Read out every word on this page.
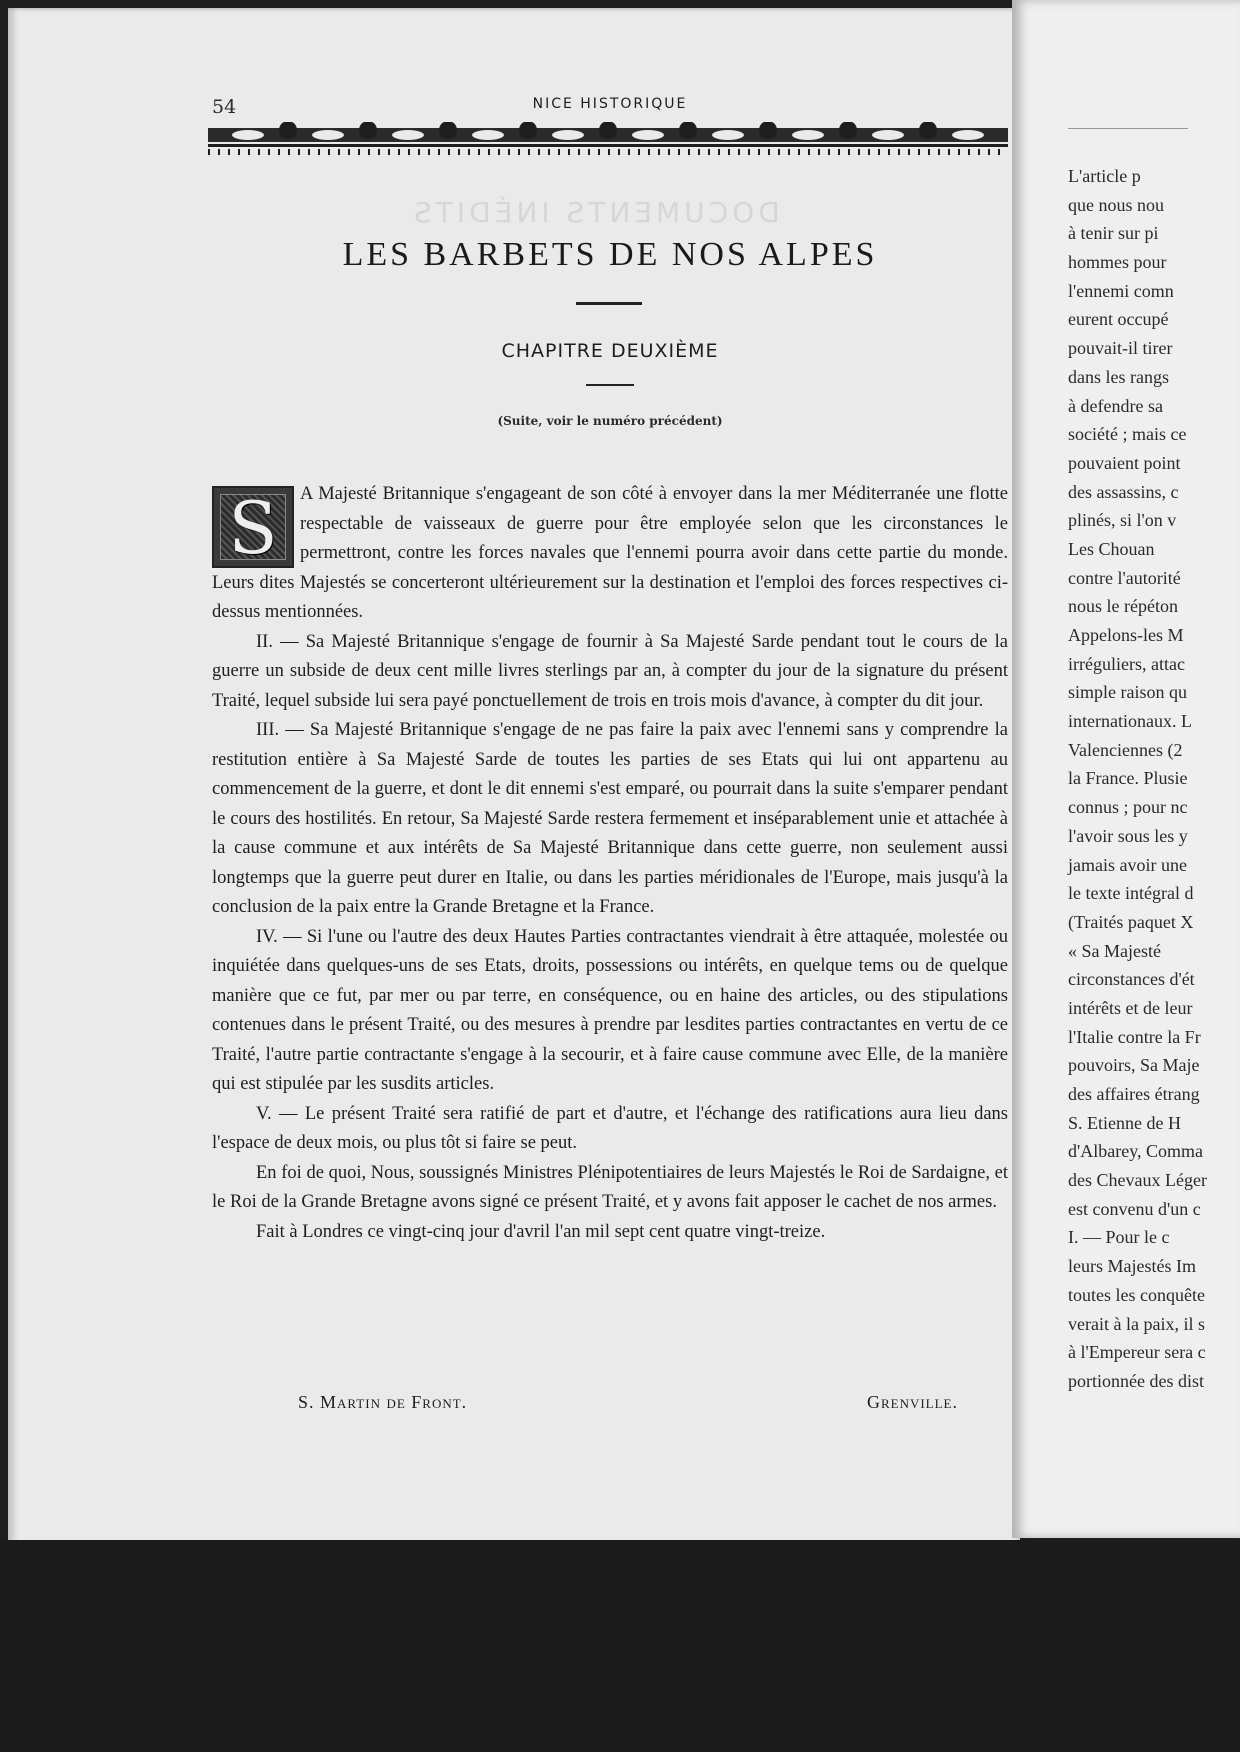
L'article p
que nous nou
à tenir sur pi
hommes pour
l'ennemi comn
eurent occupé
pouvait-il tirer
dans les rangs
à defendre sa
société ; mais ce
pouvaient point
des assassins, c
plinés, si l'on v
Les Chouan
contre l'autorité
nous le répéton
Appelons-les M
irréguliers, attac
simple raison qu
internationaux. L
Valenciennes (2
la France. Plusie
connus ; pour nc
l'avoir sous les y
jamais avoir une
le texte intégral d
(Traités paquet X
« Sa Majesté
circonstances d'ét
intérêts et de leur
l'Italie contre la Fr
pouvoirs, Sa Maje
des affaires étrang
S. Etienne de H
d'Albarey, Comma
des Chevaux Léger
est convenu d'un c
I. — Pour le c
leurs Majestés Im
toutes les conquête
verait à la paix, il s
à l'Empereur sera c
portionnée des dist
54	NICE HISTORIQUE
DOCUMENTS INÉDITS
LES BARBETS DE NOS ALPES
CHAPITRE DEUXIÈME
(Suite, voir le numéro précédent)

S	A Majesté Britannique s'engageant de son côté à envoyer dans la mer Méditerranée une flotte respectable de vaisseaux de guerre pour être employée selon que les circonstances le permettront, contre les forces navales que l'ennemi pourra avoir dans cette partie du monde. Leurs dites Majestés se concerteront ultérieurement sur la destination et l'emploi des forces respectives ci-dessus mentionnées.

II. — Sa Majesté Britannique s'engage de fournir à Sa Majesté Sarde pendant tout le cours de la guerre un subside de deux cent mille livres sterlings par an, à compter du jour de la signature du présent Traité, lequel subside lui sera payé ponctuellement de trois en trois mois d'avance, à compter du dit jour.

III. — Sa Majesté Britannique s'engage de ne pas faire la paix avec l'ennemi sans y comprendre la restitution entière à Sa Majesté Sarde de toutes les parties de ses Etats qui lui ont appartenu au commencement de la guerre, et dont le dit ennemi s'est emparé, ou pourrait dans la suite s'emparer pendant le cours des hostilités. En retour, Sa Majesté Sarde restera fermement et inséparablement unie et attachée à la cause commune et aux intérêts de Sa Majesté Britannique dans cette guerre, non seulement aussi longtemps que la guerre peut durer en Italie, ou dans les parties méridionales de l'Europe, mais jusqu'à la conclusion de la paix entre la Grande Bretagne et la France.

IV. — Si l'une ou l'autre des deux Hautes Parties contractantes viendrait à être attaquée, molestée ou inquiétée dans quelques-uns de ses Etats, droits, possessions ou intérêts, en quelque tems ou de quelque manière que ce fut, par mer ou par terre, en conséquence, ou en haine des articles, ou des stipulations contenues dans le présent Traité, ou des mesures à prendre par lesdites parties contractantes en vertu de ce Traité, l'autre partie contractante s'engage à la secourir, et à faire cause commune avec Elle, de la manière qui est stipulée par les susdits articles.

V. — Le présent Traité sera ratifié de part et d'autre, et l'échange des ratifications aura lieu dans l'espace de deux mois, ou plus tôt si faire se peut.

En foi de quoi, Nous, soussignés Ministres Plénipotentiaires de leurs Majestés le Roi de Sardaigne, et le Roi de la Grande Bretagne avons signé ce présent Traité, et y avons fait apposer le cachet de nos armes.

Fait à Londres ce vingt-cinq jour d'avril l'an mil sept cent quatre vingt-treize.

S. Martin de Front.	Grenville.
